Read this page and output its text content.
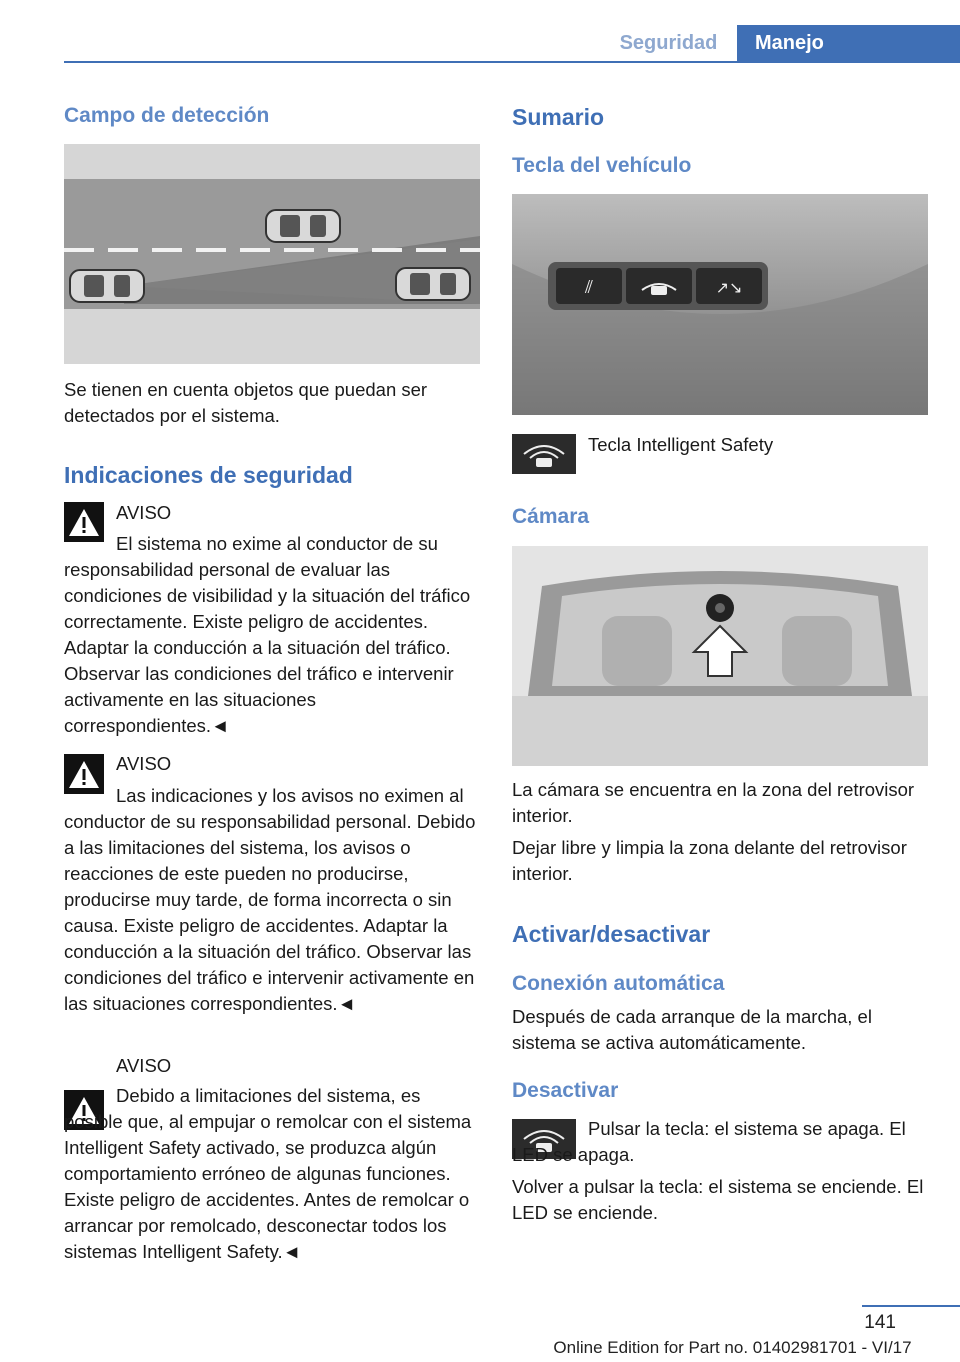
Seguridad	Manejo
Campo de detección

Se tienen en cuenta objetos que puedan ser detectados por el sistema.

Indicaciones de seguridad

AVISO

El sistema no exime al conductor de su responsabilidad personal de evaluar las condiciones de visibilidad y la situación del tráfico correctamente. Existe peligro de accidentes. Adaptar la conducción a la situación del tráfico. Observar las condiciones del tráfico e intervenir activamente en las situaciones correspondientes.◄

AVISO

Las indicaciones y los avisos no eximen al conductor de su responsabilidad personal. Debido a las limitaciones del sistema, los avisos o reacciones de este pueden no producirse, producirse muy tarde, de forma incorrecta o sin causa. Existe peligro de accidentes. Adaptar la conducción a la situación del tráfico. Observar las condiciones del tráfico e intervenir activamente en las situaciones correspondientes.◄

AVISO

Debido a limitaciones del sistema, es posible que, al empujar o remolcar con el sistema Intelligent Safety activado, se produzca algún comportamiento erróneo de algunas funciones. Existe peligro de accidentes. Antes de remolcar o arrancar por remolcado, desconectar todos los sistemas Intelligent Safety.◄

Sumario
Tecla del vehículo
⫽	↗↘

Tecla Intelligent Safety

Cámara

La cámara se encuentra en la zona del retrovisor interior.

Dejar libre y limpia la zona delante del retrovisor interior.

Activar/desactivar
Conexión automática

Después de cada arranque de la marcha, el sistema se activa automáticamente.

Desactivar

Pulsar la tecla: el sistema se apaga. El LED se apaga.

Volver a pulsar la tecla: el sistema se enciende. El LED se enciende.

141
Online Edition for Part no. 01402981701 - VI/17
